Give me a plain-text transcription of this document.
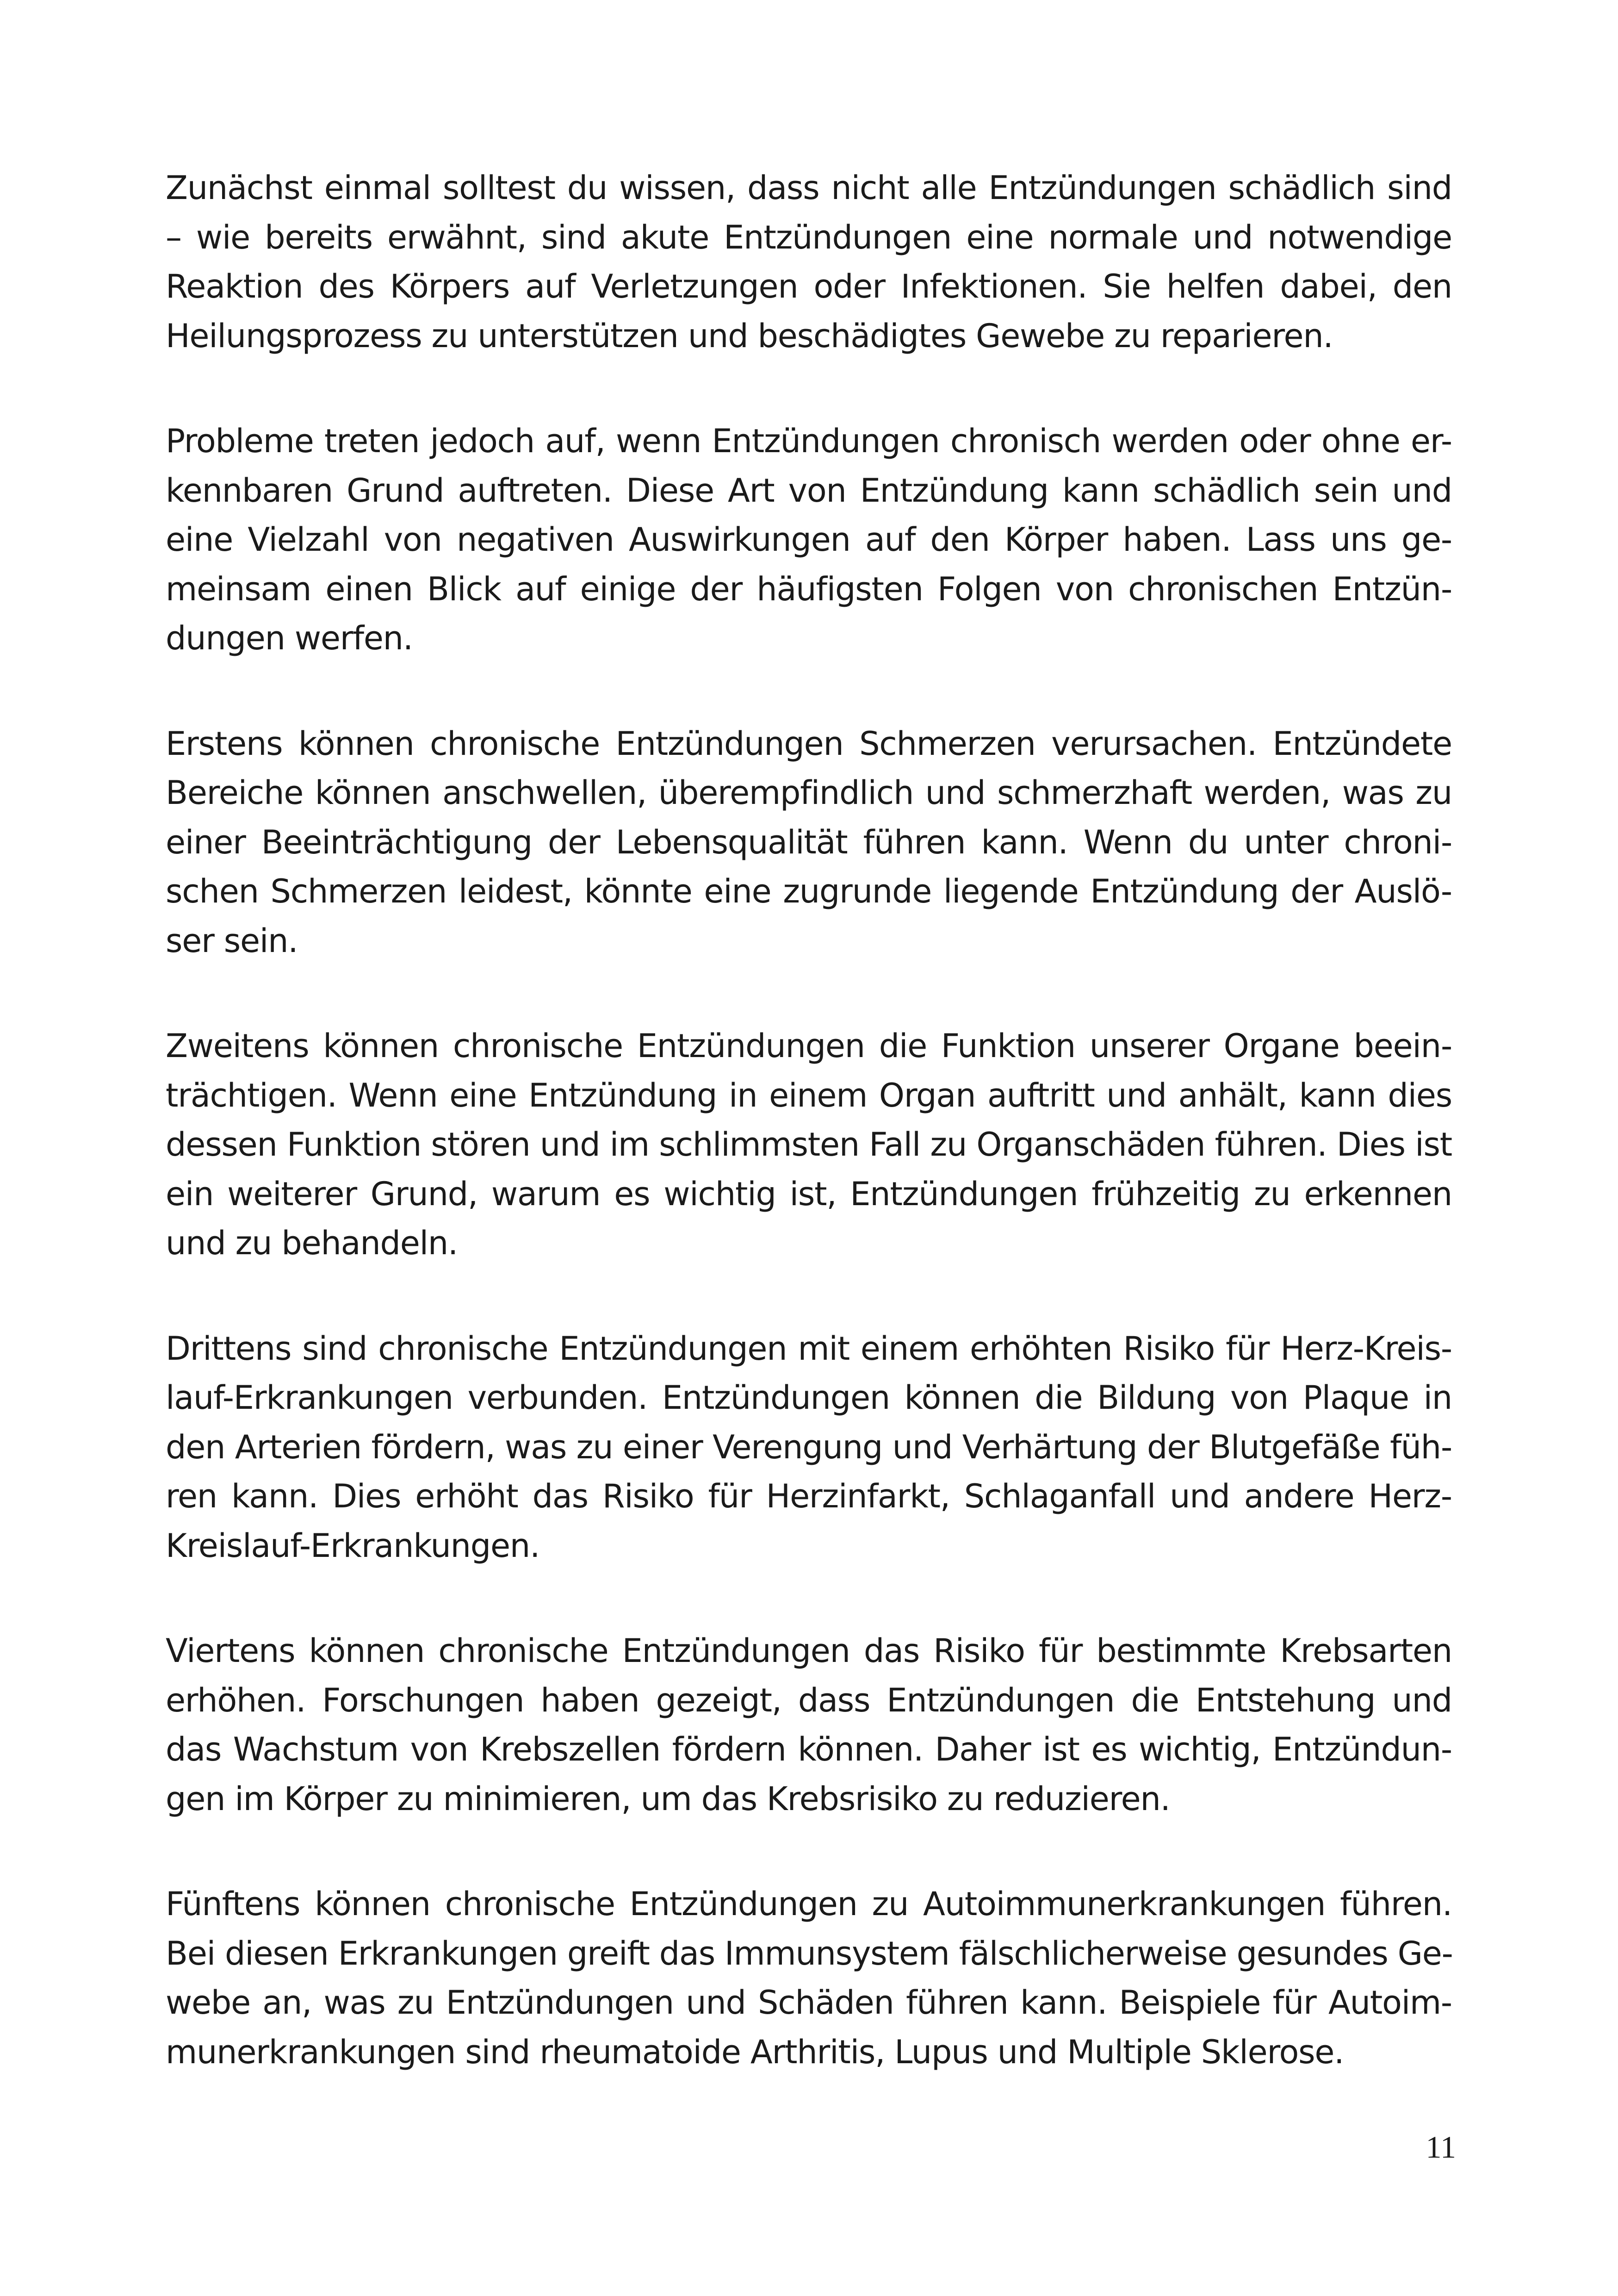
Zunächst einmal solltest du wissen, dass nicht alle Entzündungen schädlich sind
– wie bereits erwähnt, sind akute Entzündungen eine normale und notwendige
Reaktion des Körpers auf Verletzungen oder Infektionen. Sie helfen dabei, den
Heilungsprozess zu unterstützen und beschädigtes Gewebe zu reparieren.

Probleme treten jedoch auf, wenn Entzündungen chronisch werden oder ohne er-
kennbaren Grund auftreten. Diese Art von Entzündung kann schädlich sein und
eine Vielzahl von negativen Auswirkungen auf den Körper haben. Lass uns ge-
meinsam einen Blick auf einige der häufigsten Folgen von chronischen Entzün-
dungen werfen.

Erstens können chronische Entzündungen Schmerzen verursachen. Entzündete
Bereiche können anschwellen, überempfindlich und schmerzhaft werden, was zu
einer Beeinträchtigung der Lebensqualität führen kann. Wenn du unter chroni-
schen Schmerzen leidest, könnte eine zugrunde liegende Entzündung der Auslö-
ser sein.

Zweitens können chronische Entzündungen die Funktion unserer Organe beein-
trächtigen. Wenn eine Entzündung in einem Organ auftritt und anhält, kann dies
dessen Funktion stören und im schlimmsten Fall zu Organschäden führen. Dies ist
ein weiterer Grund, warum es wichtig ist, Entzündungen frühzeitig zu erkennen
und zu behandeln.

Drittens sind chronische Entzündungen mit einem erhöhten Risiko für Herz-Kreis-
lauf-Erkrankungen verbunden. Entzündungen können die Bildung von Plaque in
den Arterien fördern, was zu einer Verengung und Verhärtung der Blutgefäße füh-
ren kann. Dies erhöht das Risiko für Herzinfarkt, Schlaganfall und andere Herz-
Kreislauf-Erkrankungen.

Viertens können chronische Entzündungen das Risiko für bestimmte Krebsarten
erhöhen. Forschungen haben gezeigt, dass Entzündungen die Entstehung und
das Wachstum von Krebszellen fördern können. Daher ist es wichtig, Entzündun-
gen im Körper zu minimieren, um das Krebsrisiko zu reduzieren.

Fünftens können chronische Entzündungen zu Autoimmunerkrankungen führen.
Bei diesen Erkrankungen greift das Immunsystem fälschlicherweise gesundes Ge-
webe an, was zu Entzündungen und Schäden führen kann. Beispiele für Autoim-
munerkrankungen sind rheumatoide Arthritis, Lupus und Multiple Sklerose.

11
